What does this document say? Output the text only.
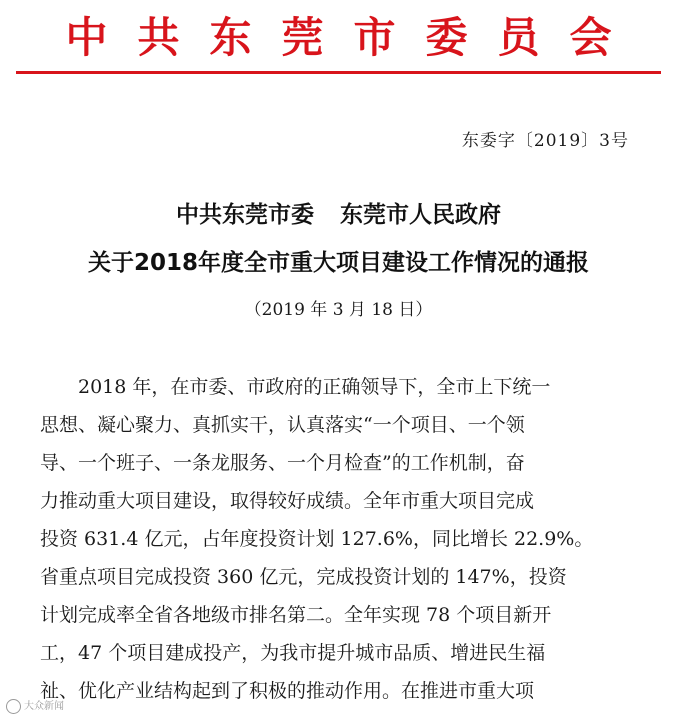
中共东莞市委员会
东委字〔2019〕3号
中共东莞市委 东莞市人民政府
关于2018年度全市重大项目建设工作情况的通报
（2019 年 3 月 18 日）
　　2018 年，在市委、市政府的正确领导下，全市上下统一
思想、凝心聚力、真抓实干，认真落实“一个项目、一个领
导、一个班子、一条龙服务、一个月检查”的工作机制，奋
力推动重大项目建设，取得较好成绩。全年市重大项目完成
投资 631.4 亿元，占年度投资计划 127.6%，同比增长 22.9%。
省重点项目完成投资 360 亿元，完成投资计划的 147%，投资
计划完成率全省各地级市排名第二。全年实现 78 个项目新开
工，47 个项目建成投产，为我市提升城市品质、增进民生福
祉、优化产业结构起到了积极的推动作用。在推进市重大项
大众新闻
